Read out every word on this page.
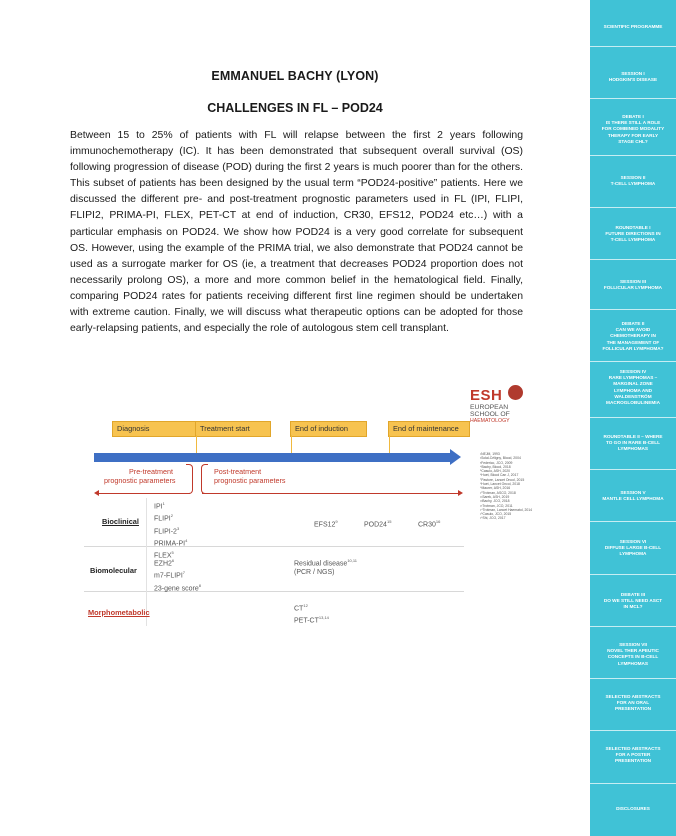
EMMANUEL BACHY (LYON)
CHALLENGES IN FL – POD24
Between 15 to 25% of patients with FL will relapse between the first 2 years following immunochemotherapy (IC). It has been demonstrated that subsequent overall survival (OS) following progression of disease (POD) during the first 2 years is much poorer than for the others. This subset of patients has been designed by the usual term “POD24-positive” patients. Here we discussed the different pre- and post-treatment prognostic parameters used in FL (IPI, FLIPI, FLIPI2, PRIMA-PI, FLEX, PET-CT at end of induction, CR30, EFS12, POD24 etc…) with a particular emphasis on POD24. We show how POD24 is a very good correlate for subsequent OS. However, using the example of the PRIMA trial, we also demonstrate that POD24 cannot be used as a surrogate marker for OS (ie, a treatment that decreases POD24 proportion does not necessarily prolong OS), a more and more common belief in the hematological field. Finally, comparing POD24 rates for patients receiving different first line regimen should be undertaken with extreme caution. Finally, we will discuss what therapeutic options can be adopted for those early-relapsing patients, and especially the role of autologous stem cell transplant.
ESH
EUROPEAN
SCHOOL OF
HAEMATOLOGY
Diagnosis	Treatment start	End of induction	End of maintenance
Pre-treatment
prognostic parameters
Post-treatment
prognostic parameters
¹NEJM, 1993
²Solal-Céligny, Blood, 2004
³Federico, JCO, 2009
⁴Bachy, Blood, 2018
⁵Casulo, ASH, 2020
⁶Huet, Blood Can J, 2017
⁷Pastore, Lancet Oncol, 2015
⁸Huet, Lancet Oncol, 2018
⁹Maurer, ASH, 2016
¹⁰Trotman, ASCO, 2018
¹¹Sarek, ASH, 2019
¹²Bachy, JCO, 2018
¹³Trotman, JCO, 2011
¹⁴Trotman, Lancet Haematol, 2014
¹⁵Casulo, JCO, 2015
¹⁶Shi, JCO, 2017
Bioclinical
IPI$^1$
FLIPI$^2$
FLIPI-$2^3$
PRIMA-$PI^4$
FLEX$^5$
$EFS12^9$	$POD24^{15}$	$CR30^{16}$
Biomolecular
$EZH2^6$
m7-FLIPI$^7$
23-gene score$^8$
Residual disease$^{10,11}$
(PCR / NGS)
Morphometabolic	CT$^{12}$
PET-CT$^{13,14}$
SCIENTIFIC PROGRAMME
SESSION I
HODGKIN'S DISEASE
DEBATE I
IS THERE STILL A ROLE
FOR COMBINED MODALITY
THERAPY FOR EARLY
STAGE CHL?
SESSION II
T-CELL LYMPHOMA
ROUNDTABLE I
FUTURE DIRECTIONS IN
T-CELL LYMPHOMA
SESSION III
FOLLICULAR LYMPHOMA
DEBATE II
CAN WE AVOID
CHEMOTHERAPY IN
THE MANAGEMENT OF
FOLLICULAR LYMPHOMA?
SESSION IV
RARE LYMPHOMAS –
MARGINAL ZONE
LYMPHOMA AND
WALDENSTRÖM
MACROGLOBULINEMIA
ROUNDTABLE II – WHERE
TO GO IN RARE B-CELL
LYMPHOMAS
SESSION V
MANTLE CELL LYMPHOMA
SESSION VI
DIFFUSE LARGE B-CELL
LYMPHOMA
DEBATE III
DO WE STILL NEED ASCT
IN MCL?
SESSION VII
NOVEL THER APEUTIC
CONCEPTS IN B-CELL
LYMPHOMAS
SELECTED ABSTRACTS
FOR AN ORAL
PRESENTATION
SELECTED ABSTRACTS
FOR A POSTER
PRESENTATION
DISCLOSURES
